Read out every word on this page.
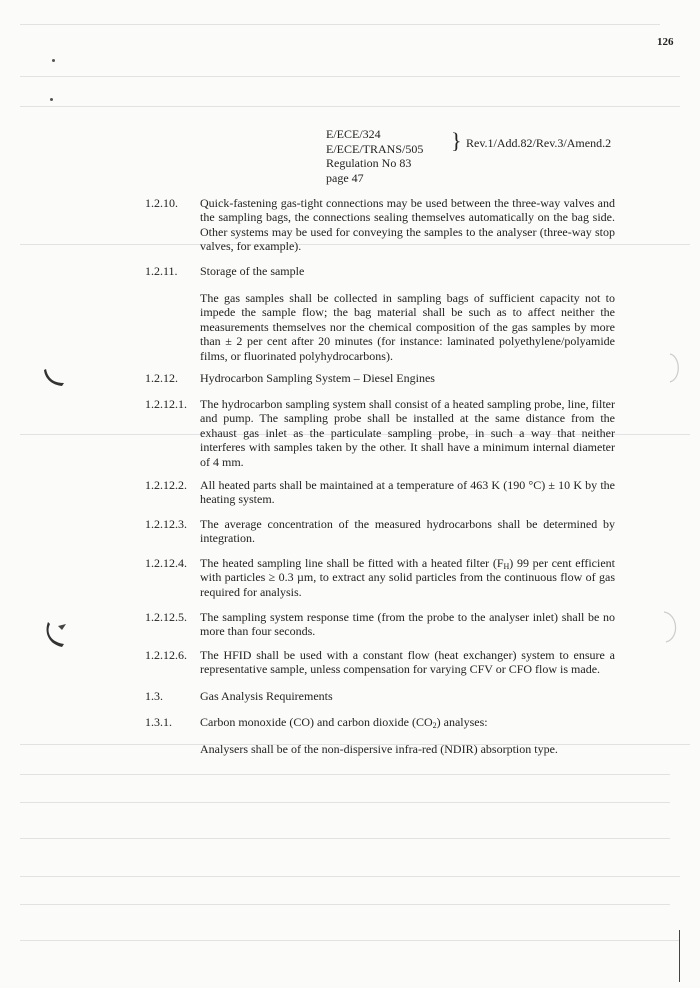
126
E/ECE/324
E/ECE/TRANS/505
Regulation No 83
page 47
} Rev.1/Add.82/Rev.3/Amend.2
1.2.10. Quick-fastening gas-tight connections may be used between the three-way valves and the sampling bags, the connections sealing themselves automatically on the bag side. Other systems may be used for conveying the samples to the analyser (three-way stop valves, for example).
1.2.11. Storage of the sample
The gas samples shall be collected in sampling bags of sufficient capacity not to impede the sample flow; the bag material shall be such as to affect neither the measurements themselves nor the chemical composition of the gas samples by more than ± 2 per cent after 20 minutes (for instance: laminated polyethylene/polyamide films, or fluorinated polyhydrocarbons).
1.2.12. Hydrocarbon Sampling System – Diesel Engines
1.2.12.1. The hydrocarbon sampling system shall consist of a heated sampling probe, line, filter and pump. The sampling probe shall be installed at the same distance from the exhaust gas inlet as the particulate sampling probe, in such a way that neither interferes with samples taken by the other. It shall have a minimum internal diameter of 4 mm.
1.2.12.2. All heated parts shall be maintained at a temperature of 463 K (190 °C) ± 10 K by the heating system.
1.2.12.3. The average concentration of the measured hydrocarbons shall be determined by integration.
1.2.12.4. The heated sampling line shall be fitted with a heated filter $(F_H)$ 99 per cent efficient with particles ≥ 0.3 µm, to extract any solid particles from the continuous flow of gas required for analysis.
1.2.12.5. The sampling system response time (from the probe to the analyser inlet) shall be no more than four seconds.
1.2.12.6. The HFID shall be used with a constant flow (heat exchanger) system to ensure a representative sample, unless compensation for varying CFV or CFO flow is made.
1.3.	Gas Analysis Requirements
1.3.1. Carbon monoxide (CO) and carbon dioxide $(CO_2)$ analyses:
Analysers shall be of the non-dispersive infra-red (NDIR) absorption type.
